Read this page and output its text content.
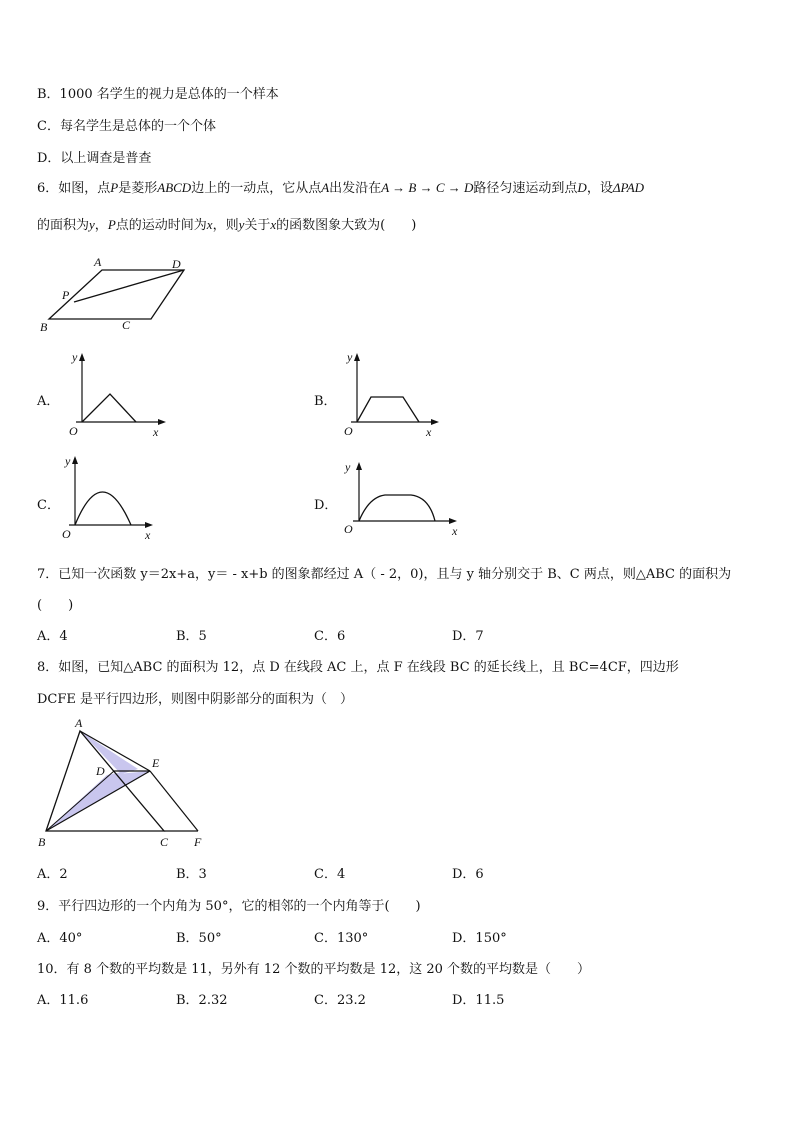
B．1000 名学生的视力是总体的一个样本
C．每名学生是总体的一个个体
D．以上调查是普查
6．如图，点P是菱形ABCD边上的一动点，它从点A出发沿在A → B → C → D路径匀速运动到点D，设ΔPAD
的面积为y，P点的运动时间为x，则y关于x的函数图象大致为(　　)
A	D
P
B	C
A．
y
x
O
B．
y
x
O
C．
y
x
O
D．
y
x
O
7．已知一次函数 y＝2x+a，y＝ - x+b 的图象都经过 A（ - 2，0)，且与 y 轴分别交于 B、C 两点，则△ABC 的面积为
(　　)
A．4	B．5	C．6	D．7
8．如图，已知△ABC 的面积为 12，点 D 在线段 AC 上，点 F 在线段 BC 的延长线上，且 BC=4CF，四边形
DCFE 是平行四边形，则图中阴影部分的面积为（　）
A
D
E
B	C F
A．2	B．3	C．4	D．6
9．平行四边形的一个内角为 50°，它的相邻的一个内角等于(　　)
A．40°	B．50°	C．130°	D．150°
10．有 8 个数的平均数是 11，另外有 12 个数的平均数是 12，这 20 个数的平均数是（　　）
A．11.6	B．2.32	C．23.2	D．11.5
